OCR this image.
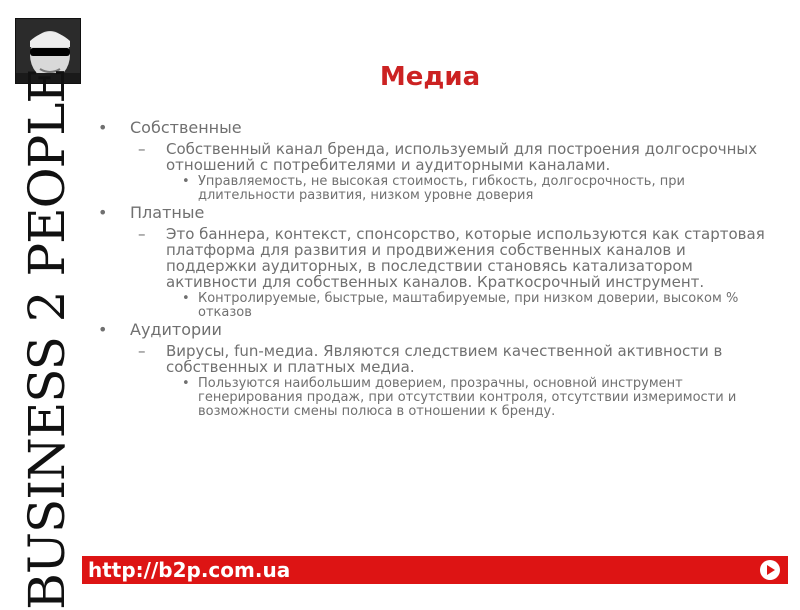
BUSINESS 2 PEOPLE	Медиа
• Собственные
– Собственный канал бренда, используемый для построения долгосрочных отношений с потребителями и аудиторными каналами.
• Управляемость, не высокая стоимость, гибкость, долгосрочность, при длительности развития, низком уровне доверия
• Платные
– Это баннера, контекст, спонсорство, которые используются как стартовая платформа для развития и продвижения собственных каналов и поддержки аудиторных, в последствии становясь катализатором активности для собственных каналов. Краткосрочный инструмент.
• Контролируемые, быстрые, маштабируемые, при низком доверии, высоком % отказов
• Аудитории
– Вирусы, fun-медиа. Являются следствием качественной активности в собственных и платных медиа.
• Пользуются наибольшим доверием, прозрачны, основной инструмент генерирования продаж, при отсутствии контроля, отсутствии измеримости и возможности смены полюса в отношении к бренду.
http://b2p.com.ua
